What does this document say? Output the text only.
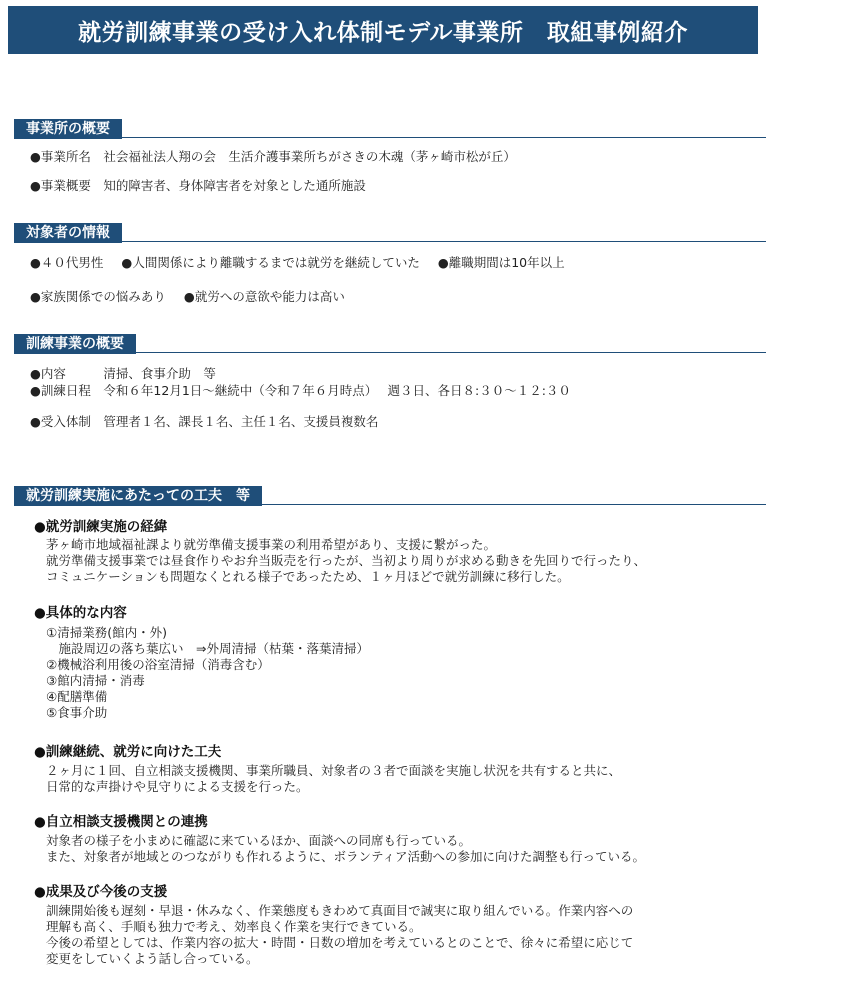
就労訓練事業の受け入れ体制モデル事業所　取組事例紹介
事業所の概要
●事業所名　社会福祉法人翔の会　生活介護事業所ちがさきの木魂（茅ヶ崎市松が丘）
●事業概要　知的障害者、身体障害者を対象とした通所施設
対象者の情報
●４０代男性 ●人間関係により離職するまでは就労を継続していた ●離職期間は10年以上
●家族関係での悩みあり ●就労への意欲や能力は高い
訓練事業の概要
●内容　　　清掃、食事介助　等
●訓練日程　令和６年12月1日～継続中（令和７年６月時点）　 週３日、各日８:３０～１２:３０
●受入体制　管理者１名、課長１名、主任１名、支援員複数名
就労訓練実施にあたっての工夫　等
●就労訓練実施の経緯
茅ヶ崎市地域福祉課より就労準備支援事業の利用希望があり、支援に繋がった。
就労準備支援事業では昼食作りやお弁当販売を行ったが、当初より周りが求める動きを先回りで行ったり、
コミュニケーションも問題なくとれる様子であったため、１ヶ月ほどで就労訓練に移行した。
●具体的な内容
①清掃業務(館内・外)
　施設周辺の落ち葉広い　⇒外周清掃（枯葉・落葉清掃）
②機械浴利用後の浴室清掃（消毒含む）
③館内清掃・消毒
④配膳準備
⑤食事介助
●訓練継続、就労に向けた工夫
２ヶ月に１回、自立相談支援機関、事業所職員、対象者の３者で面談を実施し状況を共有すると共に、
日常的な声掛けや見守りによる支援を行った。
●自立相談支援機関との連携
対象者の様子を小まめに確認に来ているほか、面談への同席も行っている。
また、対象者が地域とのつながりも作れるように、ボランティア活動への参加に向けた調整も行っている。
●成果及び今後の支援
訓練開始後も遅刻・早退・休みなく、作業態度もきわめて真面目で誠実に取り組んでいる。作業内容への
理解も高く、手順も独力で考え、効率良く作業を実行できている。
今後の希望としては、作業内容の拡大・時間・日数の増加を考えているとのことで、徐々に希望に応じて
変更をしていくよう話し合っている。
